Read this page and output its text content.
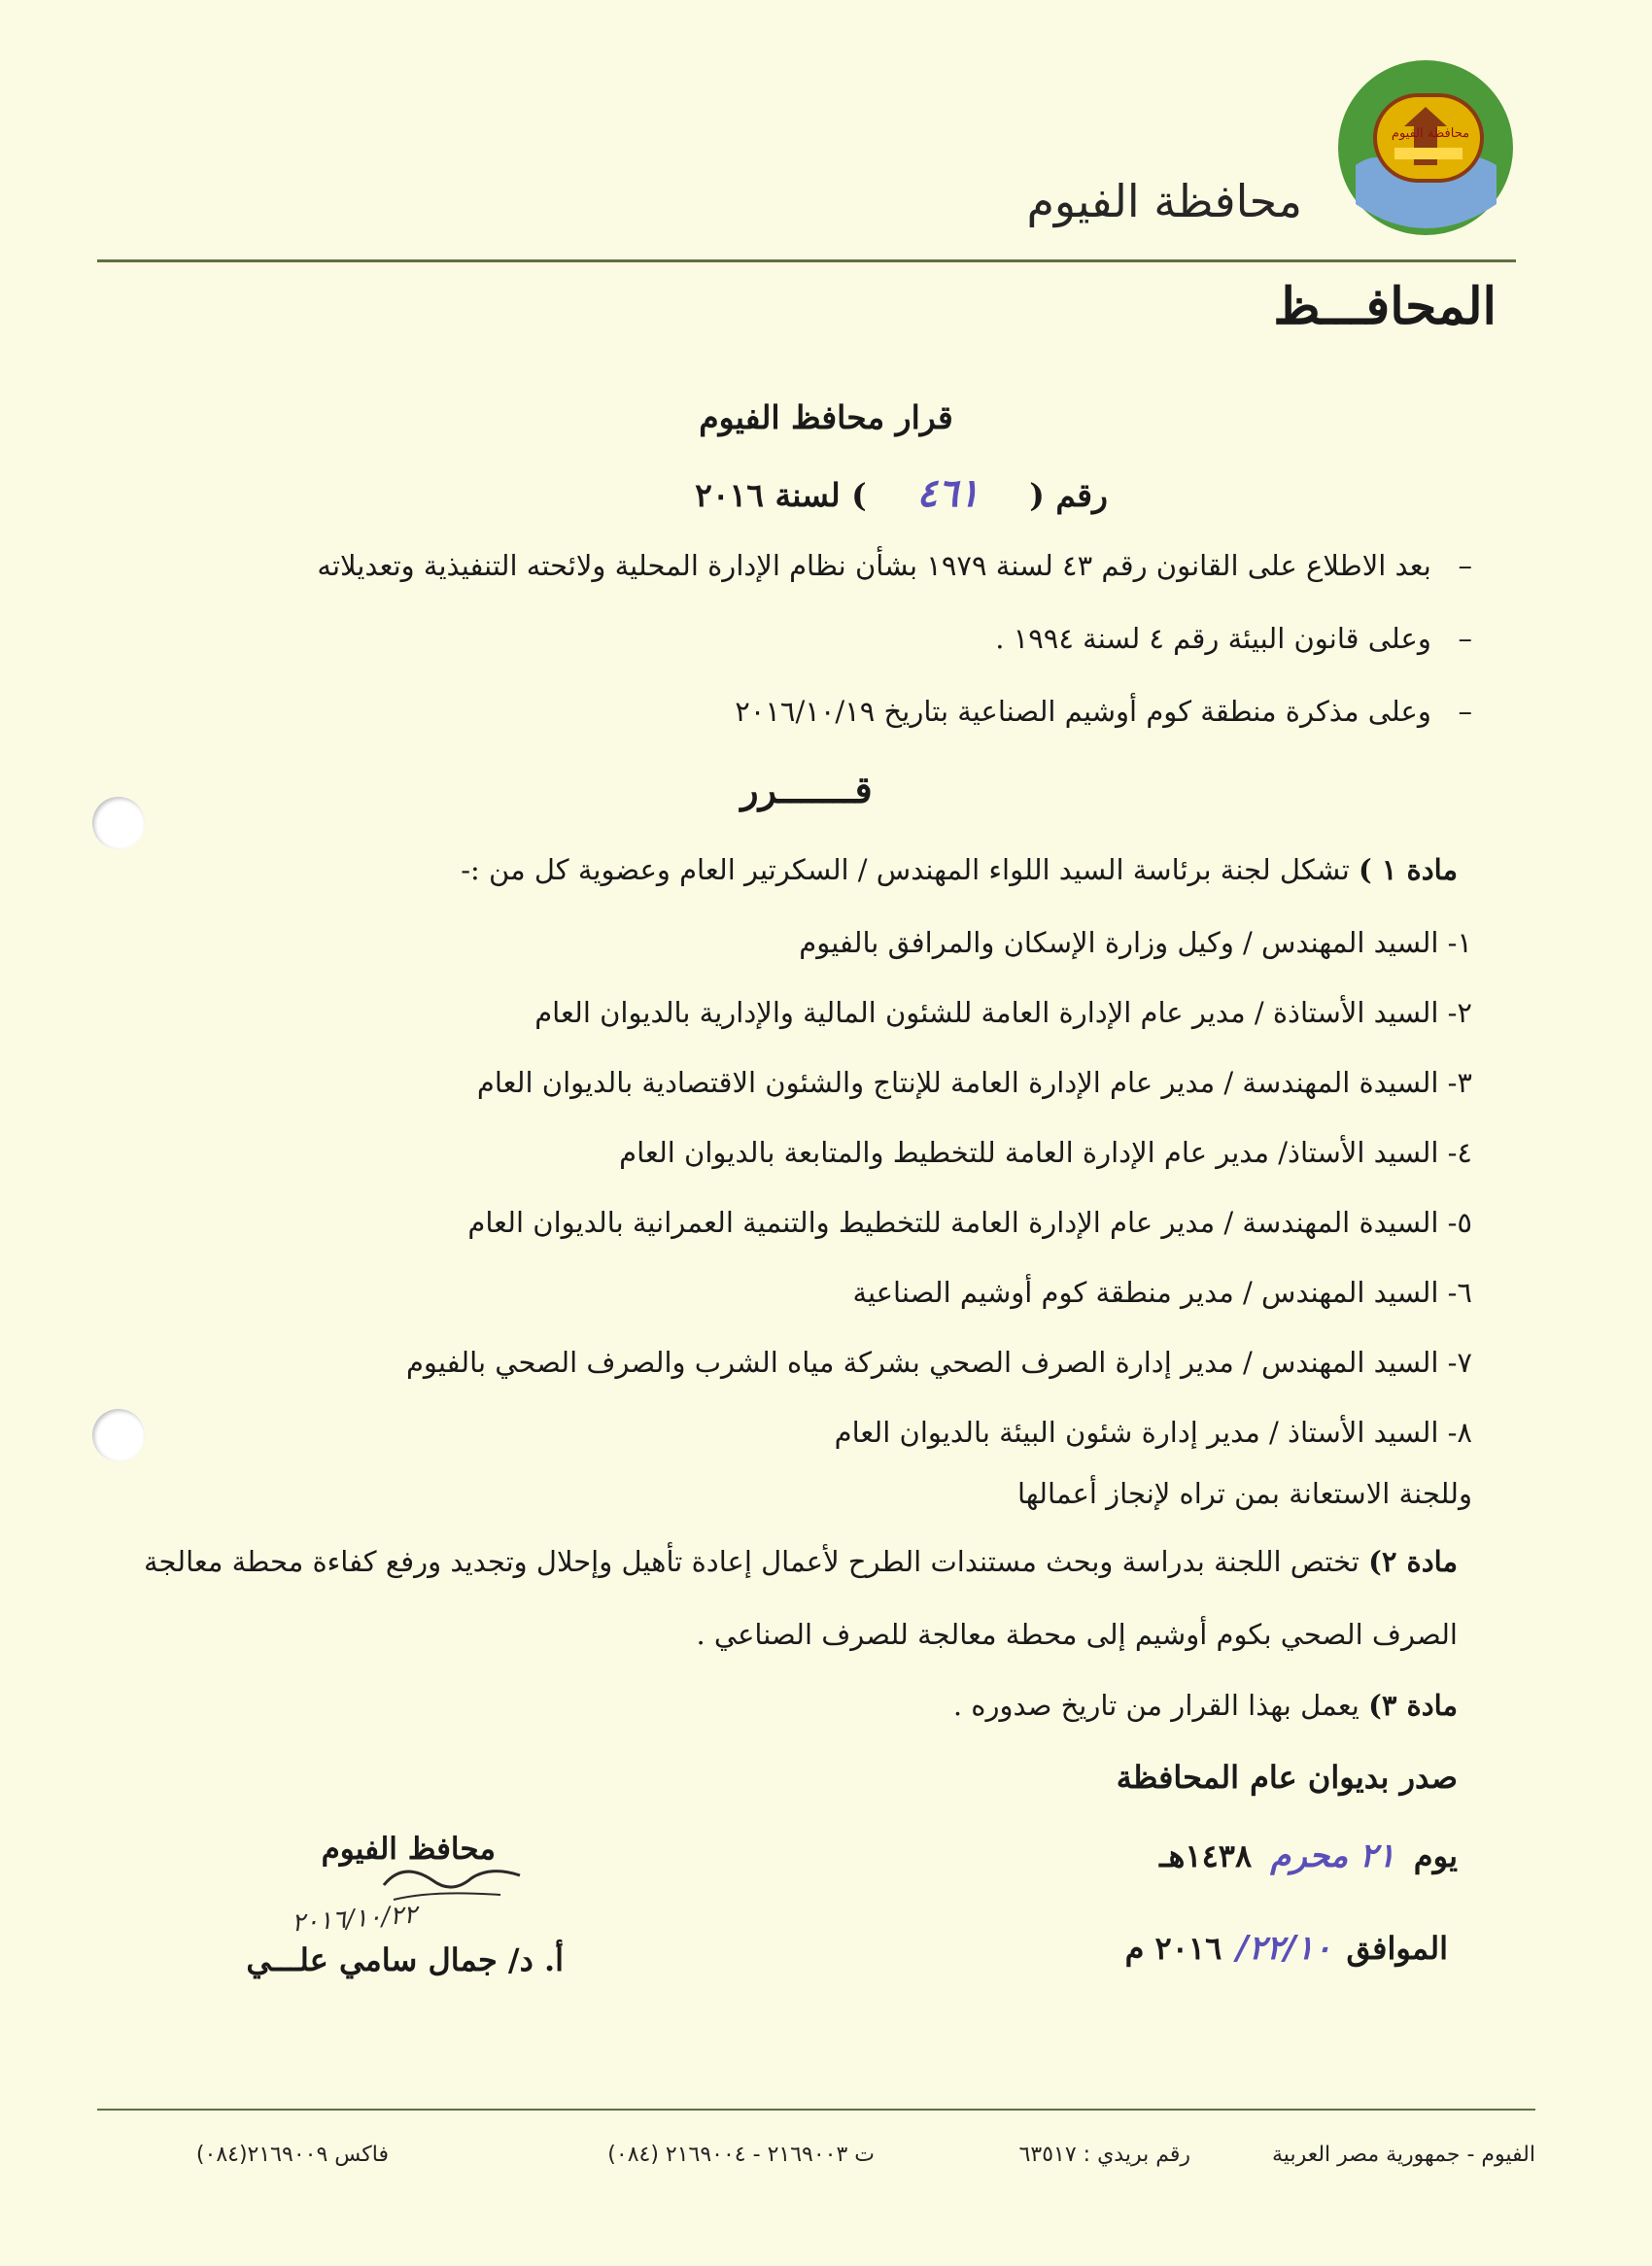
محافظة الفيوم
محافظة الفيوم
المحافـــظ
قرار محافظ الفيوم
رقم ( ٤٦١ ) لسنة ٢٠١٦
–   بعد الاطلاع على القانون رقم ٤٣ لسنة ١٩٧٩ بشأن نظام الإدارة المحلية ولائحته التنفيذية وتعديلاته
–   وعلى قانون البيئة رقم ٤ لسنة ١٩٩٤ .
–   وعلى مذكرة منطقة كوم أوشيم الصناعية بتاريخ ٢٠١٦/١٠/١٩
قـــــــرر
مادة ١ ) تشكل لجنة برئاسة السيد اللواء المهندس / السكرتير العام وعضوية كل من :-
١- السيد المهندس / وكيل وزارة الإسكان والمرافق بالفيوم
٢- السيد الأستاذة / مدير عام الإدارة العامة للشئون المالية والإدارية بالديوان العام
٣- السيدة المهندسة / مدير عام الإدارة العامة للإنتاج والشئون الاقتصادية بالديوان العام
٤- السيد الأستاذ/ مدير عام الإدارة العامة للتخطيط والمتابعة بالديوان العام
٥- السيدة المهندسة / مدير عام الإدارة العامة للتخطيط والتنمية العمرانية بالديوان العام
٦- السيد المهندس / مدير منطقة كوم أوشيم الصناعية
٧- السيد المهندس / مدير إدارة الصرف الصحي بشركة مياه الشرب والصرف الصحي بالفيوم
٨- السيد الأستاذ / مدير إدارة شئون البيئة بالديوان العام
وللجنة الاستعانة بمن تراه لإنجاز أعمالها
مادة ٢) تختص اللجنة بدراسة وبحث مستندات الطرح لأعمال إعادة تأهيل وإحلال وتجديد ورفع كفاءة محطة معالجة
الصرف الصحي بكوم أوشيم إلى محطة معالجة للصرف الصناعي .
مادة ٣) يعمل بهذا القرار من تاريخ صدوره .
صدر بديوان عام المحافظة
يوم ٢١ محرم ١٤٣٨هـ
الموافق ٢٢/١٠/ ٢٠١٦ م
محافظ الفيوم
٢٠١٦/١٠/٢٢
أ. د/ جمال سامي علـــي
الفيوم - جمهورية مصر العربية
رقم بريدي : ٦٣٥١٧
ت ٢١٦٩٠٠٣ - ٢١٦٩٠٠٤ (٠٨٤)
فاكس ٢١٦٩٠٠٩(٠٨٤)
